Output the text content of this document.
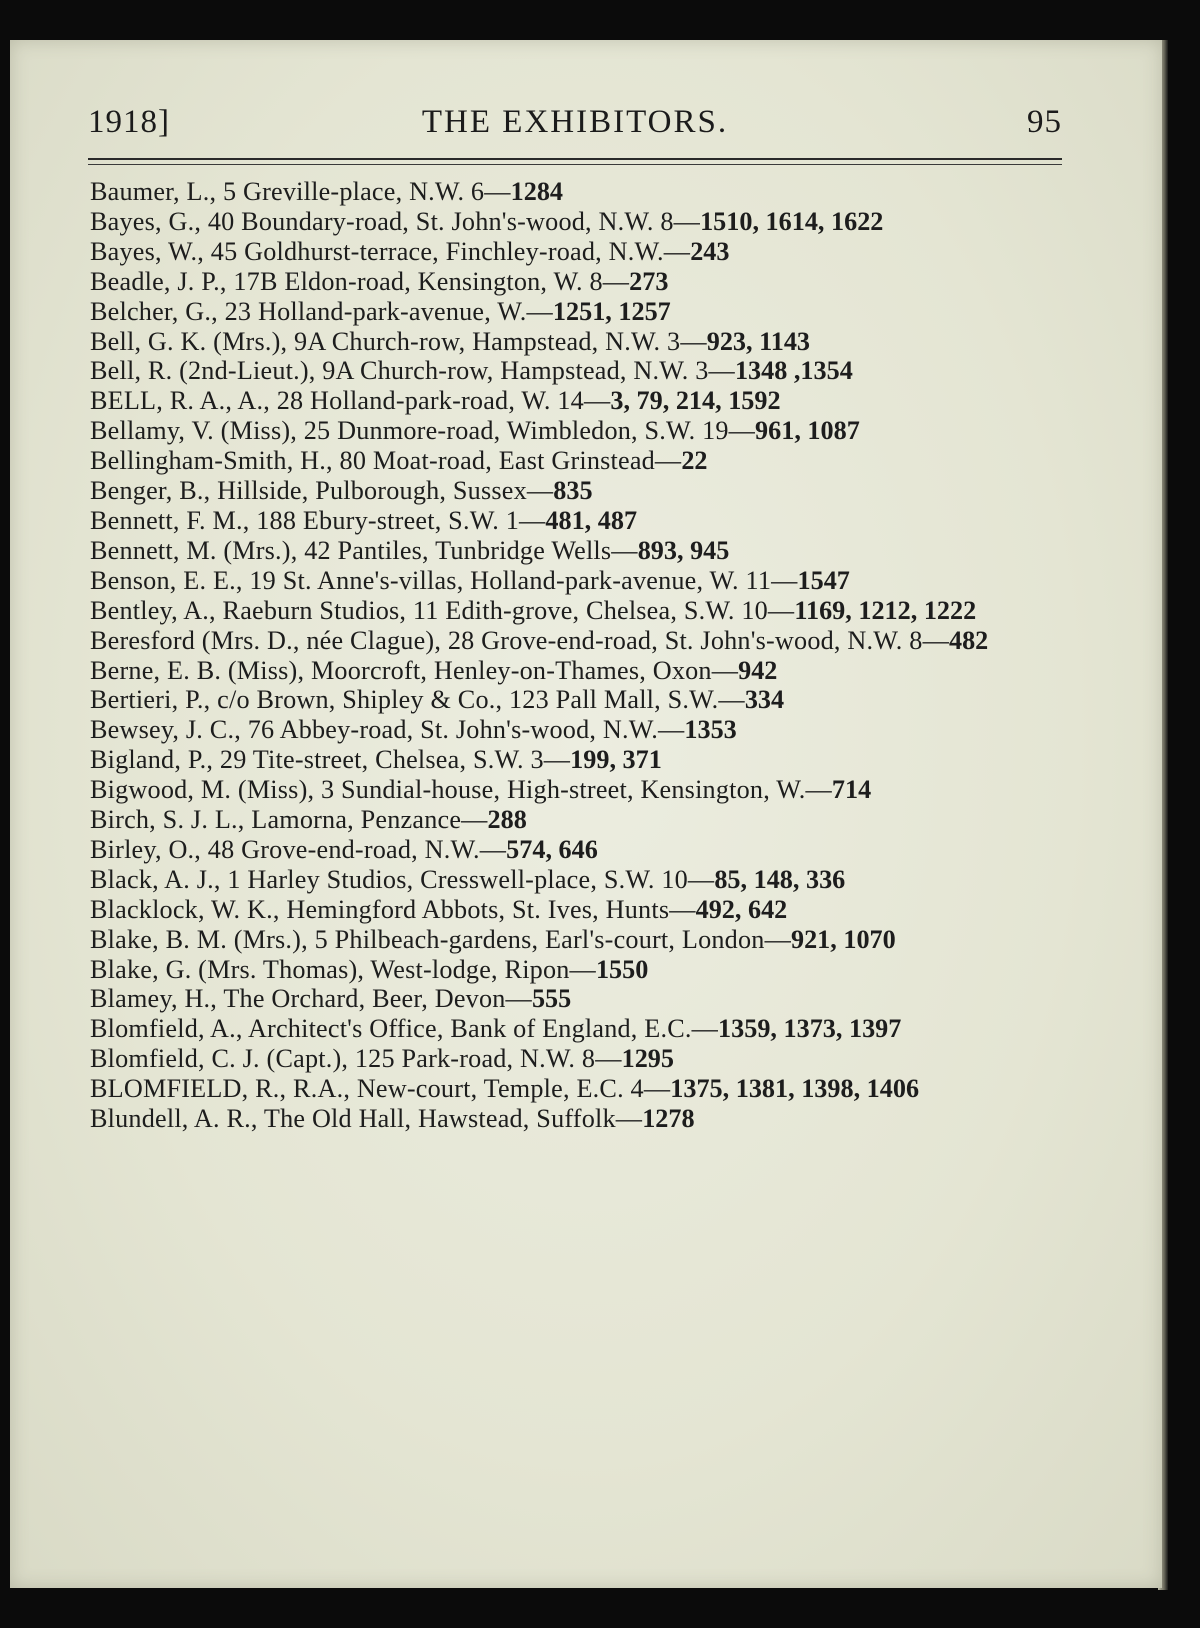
1918]	THE EXHIBITORS.	95
Baumer, L., 5 Greville-place, N.W. 6—1284
Bayes, G., 40 Boundary-road, St. John's-wood, N.W. 8—1510, 1614, 1622
Bayes, W., 45 Goldhurst-terrace, Finchley-road, N.W.—243
Beadle, J. P., 17B Eldon-road, Kensington, W. 8—273
Belcher, G., 23 Holland-park-avenue, W.—1251, 1257
Bell, G. K. (Mrs.), 9A Church-row, Hampstead, N.W. 3—923, 1143
Bell, R. (2nd-Lieut.), 9A Church-row, Hampstead, N.W. 3—1348 ,1354
BELL, R. A., A., 28 Holland-park-road, W. 14—3, 79, 214, 1592
Bellamy, V. (Miss), 25 Dunmore-road, Wimbledon, S.W. 19—961, 1087
Bellingham-Smith, H., 80 Moat-road, East Grinstead—22
Benger, B., Hillside, Pulborough, Sussex—835
Bennett, F. M., 188 Ebury-street, S.W. 1—481, 487
Bennett, M. (Mrs.), 42 Pantiles, Tunbridge Wells—893, 945
Benson, E. E., 19 St. Anne's-villas, Holland-park-avenue, W. 11—1547
Bentley, A., Raeburn Studios, 11 Edith-grove, Chelsea, S.W. 10—1169, 1212, 1222
Beresford (Mrs. D., née Clague), 28 Grove-end-road, St. John's-wood, N.W. 8—482
Berne, E. B. (Miss), Moorcroft, Henley-on-Thames, Oxon—942
Bertieri, P., c/o Brown, Shipley & Co., 123 Pall Mall, S.W.—334
Bewsey, J. C., 76 Abbey-road, St. John's-wood, N.W.—1353
Bigland, P., 29 Tite-street, Chelsea, S.W. 3—199, 371
Bigwood, M. (Miss), 3 Sundial-house, High-street, Kensington, W.—714
Birch, S. J. L., Lamorna, Penzance—288
Birley, O., 48 Grove-end-road, N.W.—574, 646
Black, A. J., 1 Harley Studios, Cresswell-place, S.W. 10—85, 148, 336
Blacklock, W. K., Hemingford Abbots, St. Ives, Hunts—492, 642
Blake, B. M. (Mrs.), 5 Philbeach-gardens, Earl's-court, London—921, 1070
Blake, G. (Mrs. Thomas), West-lodge, Ripon—1550
Blamey, H., The Orchard, Beer, Devon—555
Blomfield, A., Architect's Office, Bank of England, E.C.—1359, 1373, 1397
Blomfield, C. J. (Capt.), 125 Park-road, N.W. 8—1295
BLOMFIELD, R., R.A., New-court, Temple, E.C. 4—1375, 1381, 1398, 1406
Blundell, A. R., The Old Hall, Hawstead, Suffolk—1278
